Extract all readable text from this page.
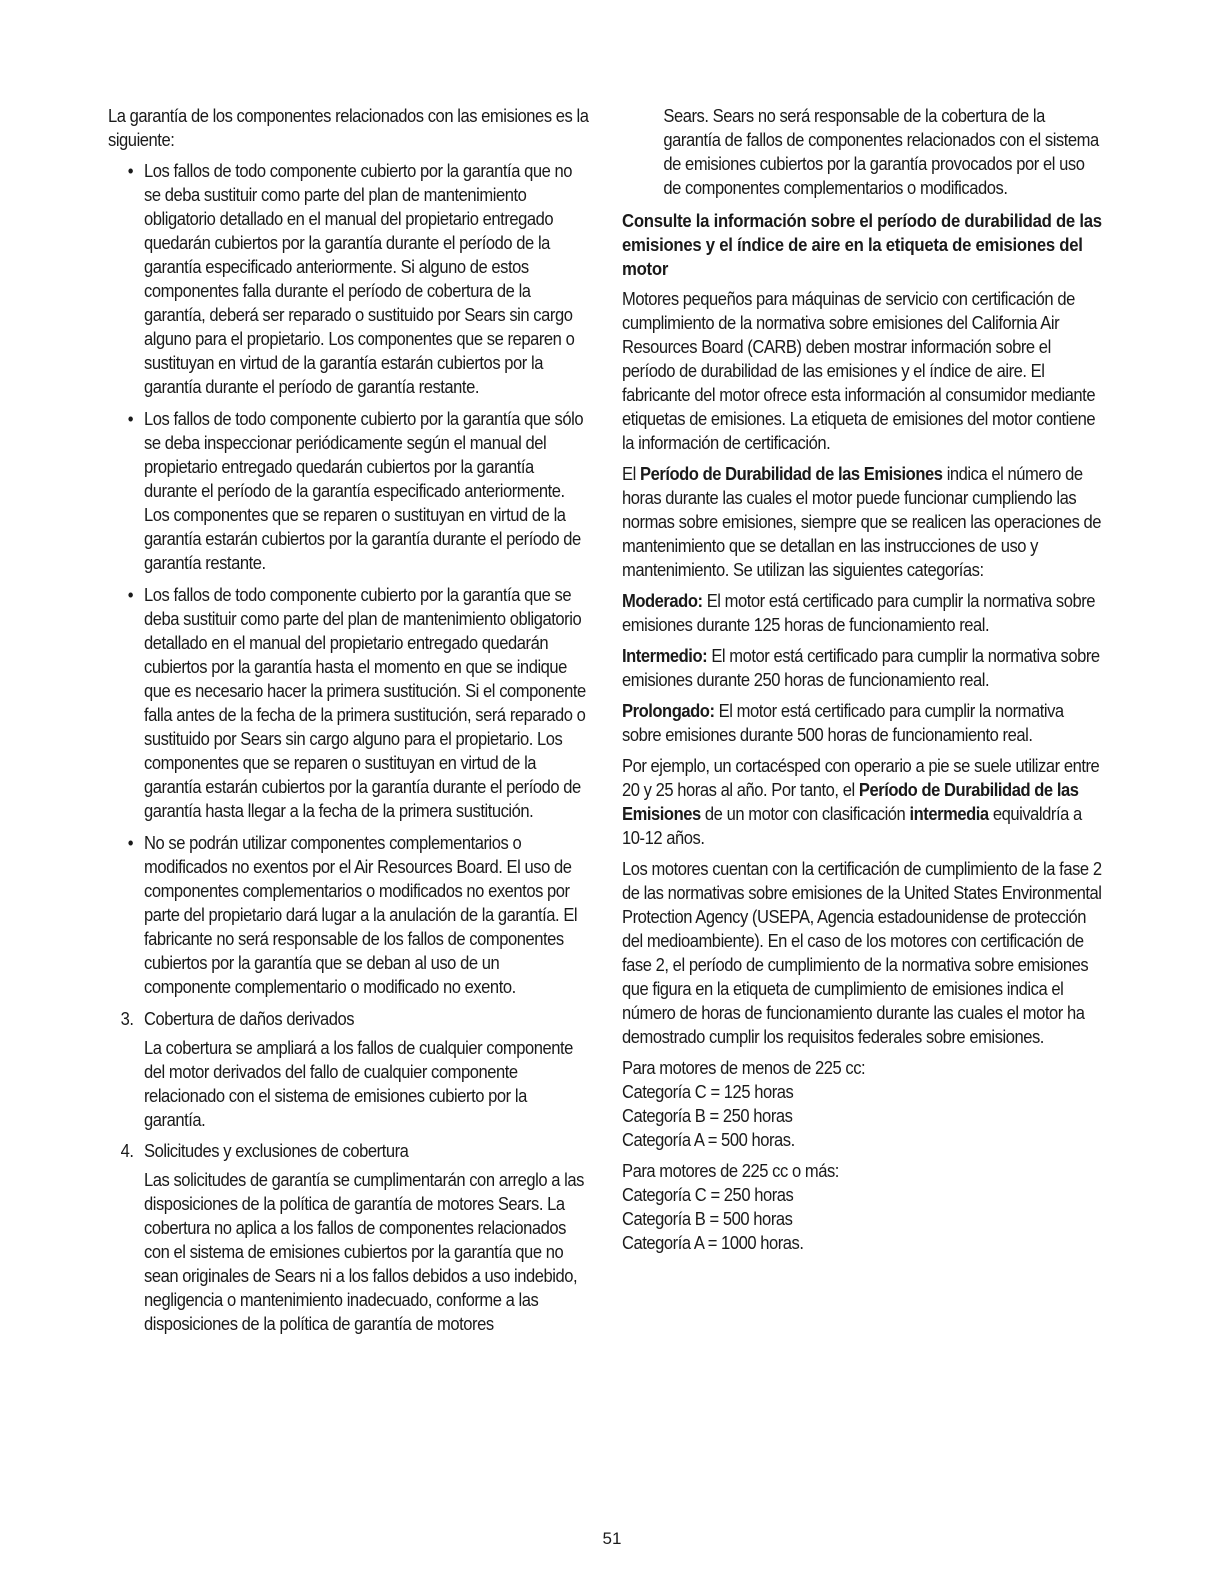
La garantía de los componentes relacionados con las emisiones es la siguiente:

• Los fallos de todo componente cubierto por la garantía que no se deba sustituir como parte del plan de mantenimiento obligatorio detallado en el manual del propietario entregado quedarán cubiertos por la garantía durante el período de la garantía especificado anteriormente. Si alguno de estos componentes falla durante el período de cobertura de la garantía, deberá ser reparado o sustituido por Sears sin cargo alguno para el propietario. Los componentes que se reparen o sustituyan en virtud de la garantía estarán cubiertos por la garantía durante el período de garantía restante.
• Los fallos de todo componente cubierto por la garantía que sólo se deba inspeccionar periódicamente según el manual del propietario entregado quedarán cubiertos por la garantía durante el período de la garantía especificado anteriormente. Los componentes que se reparen o sustituyan en virtud de la garantía estarán cubiertos por la garantía durante el período de garantía restante.
• Los fallos de todo componente cubierto por la garantía que se deba sustituir como parte del plan de mantenimiento obligatorio detallado en el manual del propietario entregado quedarán cubiertos por la garantía hasta el momento en que se indique que es necesario hacer la primera sustitución. Si el componente falla antes de la fecha de la primera sustitución, será reparado o sustituido por Sears sin cargo alguno para el propietario. Los componentes que se reparen o sustituyan en virtud de la garantía estarán cubiertos por la garantía durante el período de garantía hasta llegar a la fecha de la primera sustitución.
• No se podrán utilizar componentes complementarios o modificados no exentos por el Air Resources Board. El uso de componentes complementarios o modificados no exentos por parte del propietario dará lugar a la anulación de la garantía. El fabricante no será responsable de los fallos de componentes cubiertos por la garantía que se deban al uso de un componente complementario o modificado no exento.
3. Cobertura de daños derivados
La cobertura se ampliará a los fallos de cualquier componente del motor derivados del fallo de cualquier componente relacionado con el sistema de emisiones cubierto por la garantía.
4. Solicitudes y exclusiones de cobertura
Las solicitudes de garantía se cumplimentarán con arreglo a las disposiciones de la política de garantía de motores Sears. La cobertura no aplica a los fallos de componentes relacionados con el sistema de emisiones cubiertos por la garantía que no sean originales de Sears ni a los fallos debidos a uso indebido, negligencia o mantenimiento inadecuado, conforme a las disposiciones de la política de garantía de motores

Sears. Sears no será responsable de la cobertura de la garantía de fallos de componentes relacionados con el sistema de emisiones cubiertos por la garantía provocados por el uso de componentes complementarios o modificados.

Consulte la información sobre el período de durabilidad de las emisiones y el índice de aire en la etiqueta de emisiones del motor

Motores pequeños para máquinas de servicio con certificación de cumplimiento de la normativa sobre emisiones del California Air Resources Board (CARB) deben mostrar información sobre el período de durabilidad de las emisiones y el índice de aire. El fabricante del motor ofrece esta información al consumidor mediante etiquetas de emisiones. La etiqueta de emisiones del motor contiene la información de certificación.

El Período de Durabilidad de las Emisiones indica el número de horas durante las cuales el motor puede funcionar cumpliendo las normas sobre emisiones, siempre que se realicen las operaciones de mantenimiento que se detallan en las instrucciones de uso y mantenimiento. Se utilizan las siguientes categorías:

Moderado: El motor está certificado para cumplir la normativa sobre emisiones durante 125 horas de funcionamiento real.

Intermedio: El motor está certificado para cumplir la normativa sobre emisiones durante 250 horas de funcionamiento real.

Prolongado: El motor está certificado para cumplir la normativa sobre emisiones durante 500 horas de funcionamiento real.

Por ejemplo, un cortacésped con operario a pie se suele utilizar entre 20 y 25 horas al año. Por tanto, el Período de Durabilidad de las Emisiones de un motor con clasificación intermedia equivaldría a 10-12 años.

Los motores cuentan con la certificación de cumplimiento de la fase 2 de las normativas sobre emisiones de la United States Environmental Protection Agency (USEPA, Agencia estadounidense de protección del medioambiente). En el caso de los motores con certificación de fase 2, el período de cumplimiento de la normativa sobre emisiones que figura en la etiqueta de cumplimiento de emisiones indica el número de horas de funcionamiento durante las cuales el motor ha demostrado cumplir los requisitos federales sobre emisiones.

Para motores de menos de 225 cc:
Categoría C = 125 horas
Categoría B = 250 horas
Categoría A = 500 horas.

Para motores de 225 cc o más:
Categoría C = 250 horas
Categoría B = 500 horas
Categoría A = 1000 horas.

51
